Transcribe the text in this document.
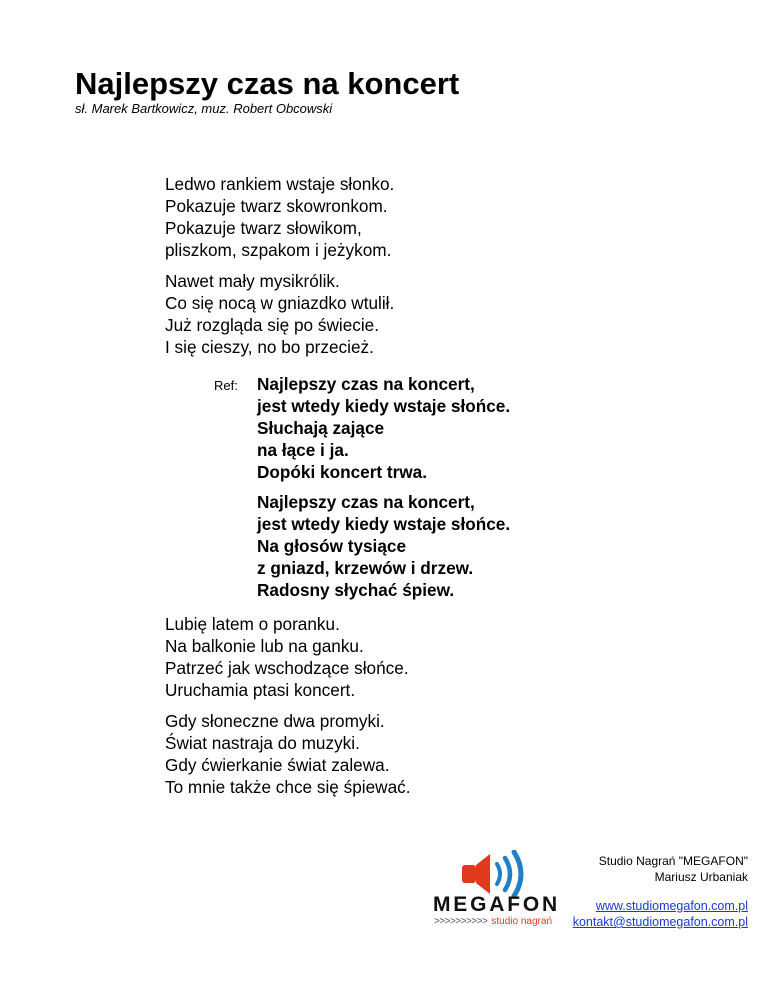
Najlepszy czas na koncert
sł. Marek Bartkowicz, muz. Robert Obcowski
Ledwo rankiem wstaje słonko.
Pokazuje twarz skowronkom.
Pokazuje twarz słowikom,
pliszkom, szpakom i jeżykom.
Nawet mały mysikrólik.
Co się nocą w gniazdko wtulił.
Już rozgląda się po świecie.
I się cieszy, no bo przecież.
Ref: Najlepszy czas na koncert,
jest wtedy kiedy wstaje słońce.
Słuchają zające
na łące i ja.
Dopóki koncert trwa.
Najlepszy czas na koncert,
jest wtedy kiedy wstaje słońce.
Na głosów tysiące
z gniazd, krzewów i drzew.
Radosny słychać śpiew.
Lubię latem o poranku.
Na balkonie lub na ganku.
Patrzeć jak wschodzące słońce.
Uruchamia ptasi koncert.
Gdy słoneczne dwa promyki.
Świat nastraja do muzyki.
Gdy ćwierkanie świat zalewa.
To mnie także chce się śpiewać.
MEGAFON
>>>>>>>>>> studio nagrań
Studio Nagrań "MEGAFON"
Mariusz Urbaniak
www.studiomegafon.com.pl
kontakt@studiomegafon.com.pl
